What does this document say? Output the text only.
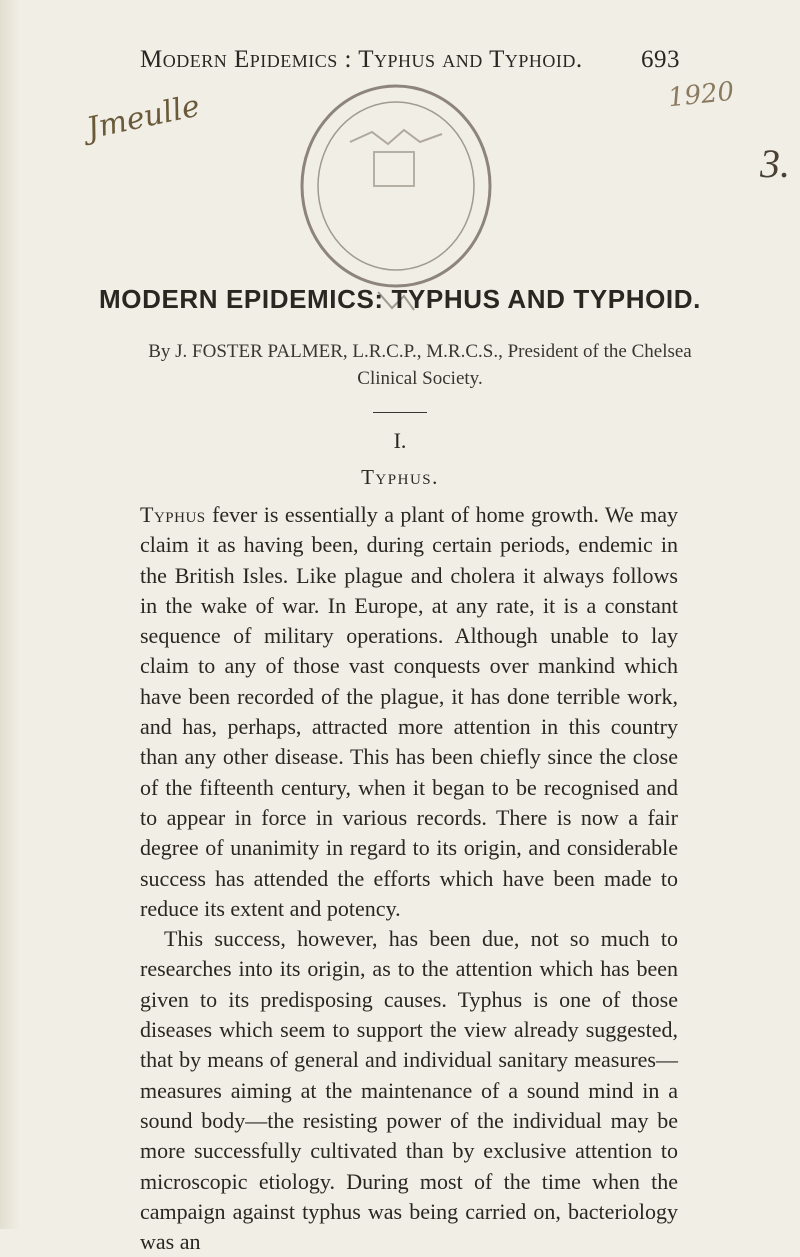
Modern Epidemics : Typhus and Typhoid. 693
Jmeulle	1920
3.
MODERN EPIDEMICS: TYPHUS AND TYPHOID.
By J. FOSTER PALMER, L.R.C.P., M.R.C.S., President of the Chelsea Clinical Society.
I.
Typhus.

Typhus fever is essentially a plant of home growth. We may claim it as having been, during certain periods, endemic in the British Isles. Like plague and cholera it always follows in the wake of war. In Europe, at any rate, it is a constant sequence of military operations. Although unable to lay claim to any of those vast conquests over mankind which have been recorded of the plague, it has done terrible work, and has, perhaps, attracted more attention in this country than any other disease. This has been chiefly since the close of the fifteenth century, when it began to be recognised and to appear in force in various records. There is now a fair degree of unanimity in regard to its origin, and considerable success has attended the efforts which have been made to reduce its extent and potency.

This success, however, has been due, not so much to researches into its origin, as to the attention which has been given to its predisposing causes. Typhus is one of those diseases which seem to support the view already suggested, that by means of general and individual sanitary measures—measures aiming at the maintenance of a sound mind in a sound body—the resisting power of the individual may be more successfully cultivated than by exclusive attention to microscopic etiology. During most of the time when the campaign against typhus was being carried on, bacteriology was an
